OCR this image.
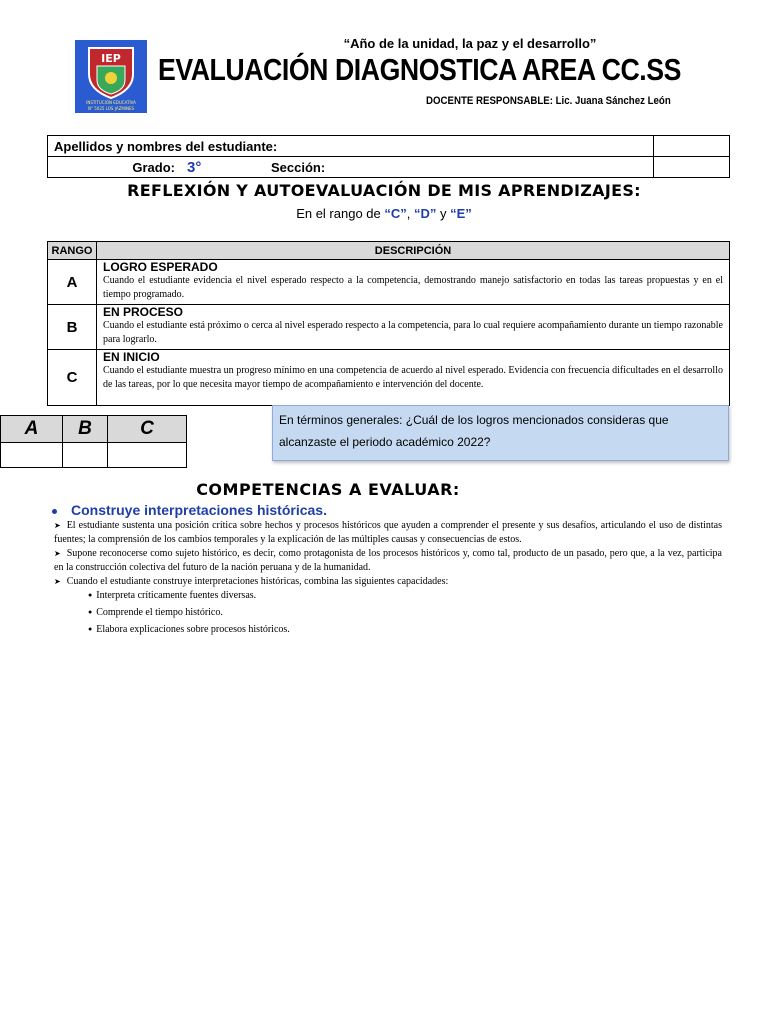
IEP
INSTITUCIÓN EDUCATIVA
N° 5025 LOS JAZMINES
“Año de la unidad, la paz y el desarrollo”
EVALUACIÓN DIAGNOSTICA AREA CC.SS
DOCENTE RESPONSABLE: Lic. Juana Sánchez León
Apellidos y nombres del estudiante:			
Grado:	3°	Sección:	
REFLEXIÓN Y AUTOEVALUACIÓN DE MIS APRENDIZAJES:
En el rango de “C”, “D” y “E”
RANGO	DESCRIPCIÓN
A	LOGRO ESPERADO
Cuando el estudiante evidencia el nivel esperado respecto a la competencia, demostrando manejo satisfactorio en todas las tareas propuestas y en el tiempo programado.

B	EN PROCESO
Cuando el estudiante está próximo o cerca al nivel esperado respecto a la competencia, para lo cual requiere acompañamiento durante un tiempo razonable para lograrlo.

C	EN INICIO
Cuando el estudiante muestra un progreso mínimo en una competencia de acuerdo al nivel esperado. Evidencia con frecuencia dificultades en el desarrollo de las tareas, por lo que necesita mayor tiempo de acompañamiento e intervención del docente.
A	B	C
			En términos generales: ¿Cuál de los logros mencionados consideras que alcanzaste el periodo académico 2022?
COMPETENCIAS A EVALUAR:
Construye interpretaciones históricas.

➤ El estudiante sustenta una posición crítica sobre hechos y procesos históricos que ayuden a comprender el presente y sus desafíos, articulando el uso de distintas fuentes; la comprensión de los cambios temporales y la explicación de las múltiples causas y consecuencias de estos.

➤ Supone reconocerse como sujeto histórico, es decir, como protagonista de los procesos históricos y, como tal, producto de un pasado, pero que, a la vez, participa en la construcción colectiva del futuro de la nación peruana y de la humanidad.

➤ Cuando el estudiante construye interpretaciones históricas, combina las siguientes capacidades:

● Interpreta críticamente fuentes diversas.
● Comprende el tiempo histórico.
● Elabora explicaciones sobre procesos históricos.
